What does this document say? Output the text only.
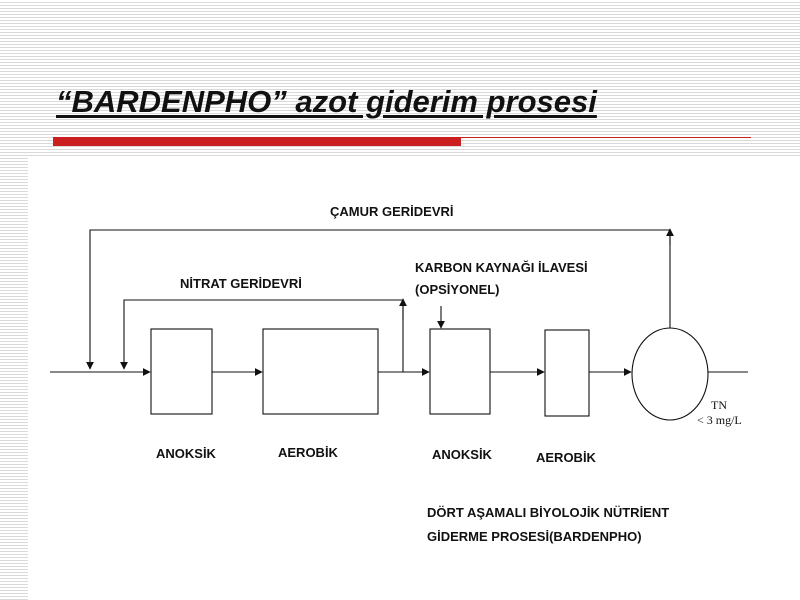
“BARDENPHO” azot giderim prosesi
ÇAMUR GERİDEVRİ
NİTRAT GERİDEVRİ
KARBON KAYNAĞI İLAVESİ
(OPSİYONEL)
ANOKSİK	AEROBİK	ANOKSİK	AEROBİK
TN
< 3 mg/L
DÖRT AŞAMALI BİYOLOJİK NÜTRİENT
GİDERME PROSESİ(BARDENPHO)
